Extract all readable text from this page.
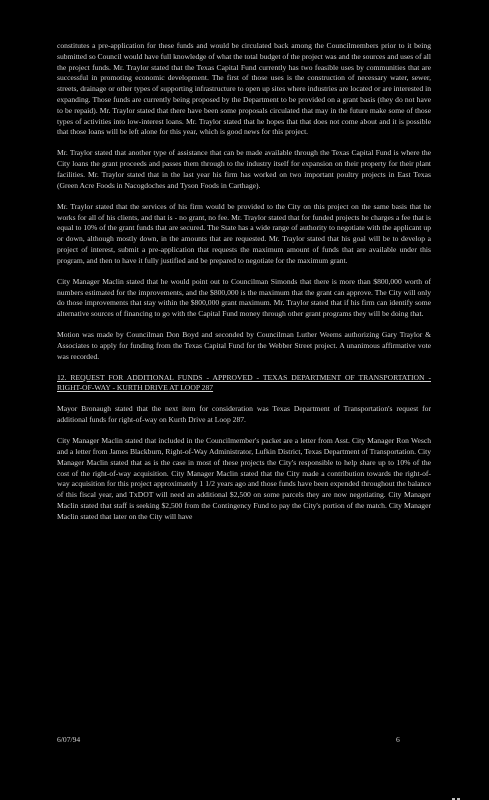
constitutes a pre-application for these funds and would be circulated back among the Councilmembers prior to it being submitted so Council would have full knowledge of what the total budget of the project was and the sources and uses of all the project funds. Mr. Traylor stated that the Texas Capital Fund currently has two feasible uses by communities that are successful in promoting economic development. The first of those uses is the construction of necessary water, sewer, streets, drainage or other types of supporting infrastructure to open up sites where industries are located or are interested in expanding. Those funds are currently being proposed by the Department to be provided on a grant basis (they do not have to be repaid). Mr. Traylor stated that there have been some proposals circulated that may in the future make some of those types of activities into low-interest loans. Mr. Traylor stated that he hopes that that does not come about and it is possible that those loans will be left alone for this year, which is good news for this project.

Mr. Traylor stated that another type of assistance that can be made available through the Texas Capital Fund is where the City loans the grant proceeds and passes them through to the industry itself for expansion on their property for their plant facilities. Mr. Traylor stated that in the last year his firm has worked on two important poultry projects in East Texas (Green Acre Foods in Nacogdoches and Tyson Foods in Carthage).

Mr. Traylor stated that the services of his firm would be provided to the City on this project on the same basis that he works for all of his clients, and that is - no grant, no fee. Mr. Traylor stated that for funded projects he charges a fee that is equal to 10% of the grant funds that are secured. The State has a wide range of authority to negotiate with the applicant up or down, although mostly down, in the amounts that are requested. Mr. Traylor stated that his goal will be to develop a project of interest, submit a pre-application that requests the maximum amount of funds that are available under this program, and then to have it fully justified and be prepared to negotiate for the maximum grant.

City Manager Maclin stated that he would point out to Councilman Simonds that there is more than $800,000 worth of numbers estimated for the improvements, and the $800,000 is the maximum that the grant can approve. The City will only do those improvements that stay within the $800,000 grant maximum. Mr. Traylor stated that if his firm can identify some alternative sources of financing to go with the Capital Fund money through other grant programs they will be doing that.

Motion was made by Councilman Don Boyd and seconded by Councilman Luther Weems authorizing Gary Traylor & Associates to apply for funding from the Texas Capital Fund for the Webber Street project. A unanimous affirmative vote was recorded.

12. REQUEST FOR ADDITIONAL FUNDS - APPROVED - TEXAS DEPARTMENT OF TRANSPORTATION - RIGHT-OF-WAY - KURTH DRIVE AT LOOP 287

Mayor Bronaugh stated that the next item for consideration was Texas Department of Transportation's request for additional funds for right-of-way on Kurth Drive at Loop 287.

City Manager Maclin stated that included in the Councilmember's packet are a letter from Asst. City Manager Ron Wesch and a letter from James Blackburn, Right-of-Way Administrator, Lufkin District, Texas Department of Transportation. City Manager Maclin stated that as is the case in most of these projects the City's responsible to help share up to 10% of the cost of the right-of-way acquisition. City Manager Maclin stated that the City made a contribution towards the right-of-way acquisition for this project approximately 1 1/2 years ago and those funds have been expended throughout the balance of this fiscal year, and TxDOT will need an additional $2,500 on some parcels they are now negotiating. City Manager Maclin stated that staff is seeking $2,500 from the Contingency Fund to pay the City's portion of the match. City Manager Maclin stated that later on the City will have

6/07/94	6
